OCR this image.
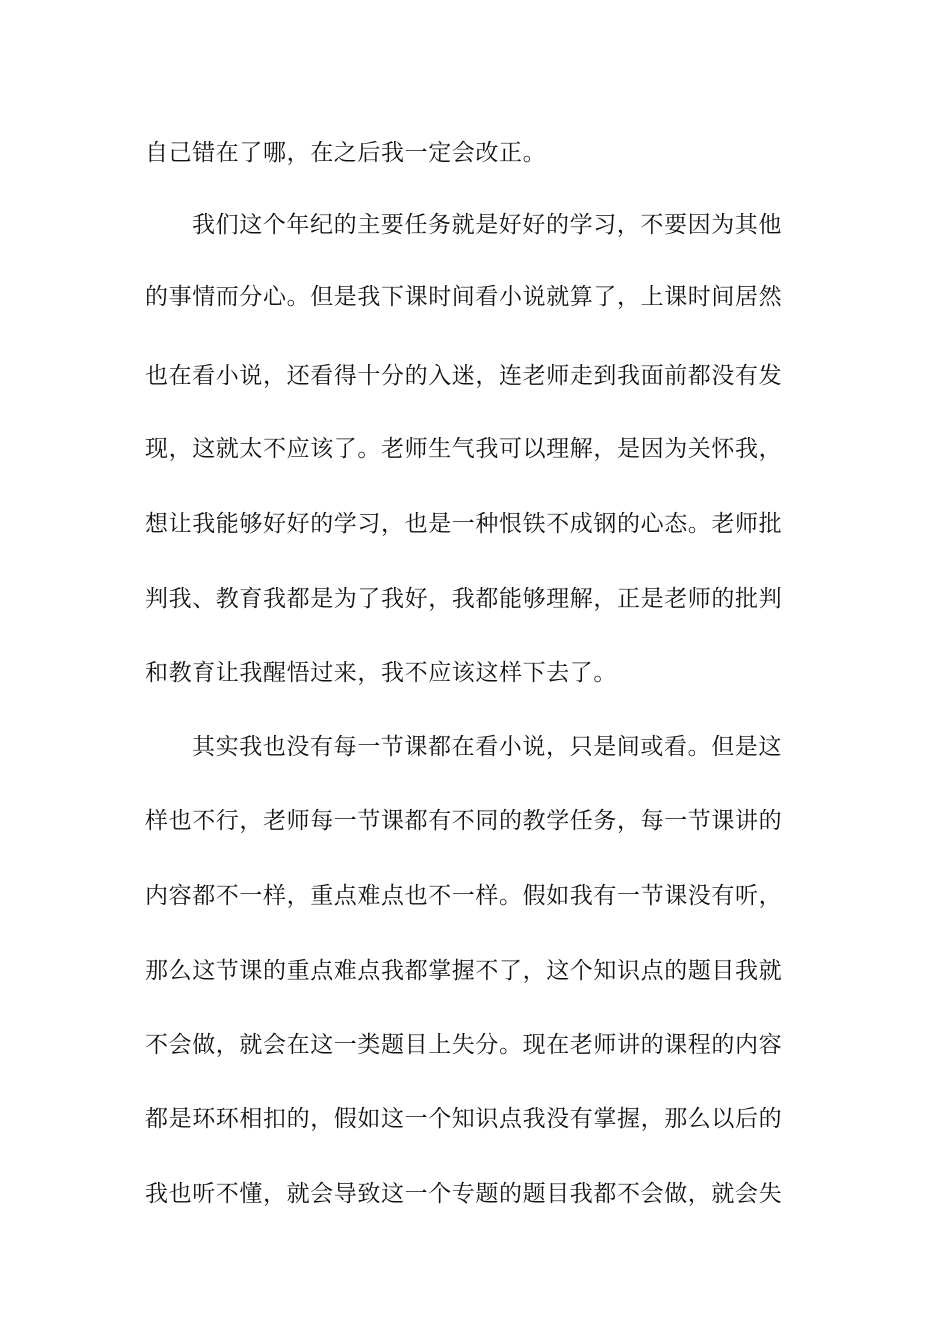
自己错在了哪，在之后我一定会改正。
我们这个年纪的主要任务就是好好的学习，不要因为其他
的事情而分心。但是我下课时间看小说就算了，上课时间居然
也在看小说，还看得十分的入迷，连老师走到我面前都没有发
现，这就太不应该了。老师生气我可以理解，是因为关怀我，
想让我能够好好的学习，也是一种恨铁不成钢的心态。老师批
判我、教育我都是为了我好，我都能够理解，正是老师的批判
和教育让我醒悟过来，我不应该这样下去了。
其实我也没有每一节课都在看小说，只是间或看。但是这
样也不行，老师每一节课都有不同的教学任务，每一节课讲的
内容都不一样，重点难点也不一样。假如我有一节课没有听，
那么这节课的重点难点我都掌握不了，这个知识点的题目我就
不会做，就会在这一类题目上失分。现在老师讲的课程的内容
都是环环相扣的，假如这一个知识点我没有掌握，那么以后的
我也听不懂，就会导致这一个专题的题目我都不会做，就会失
